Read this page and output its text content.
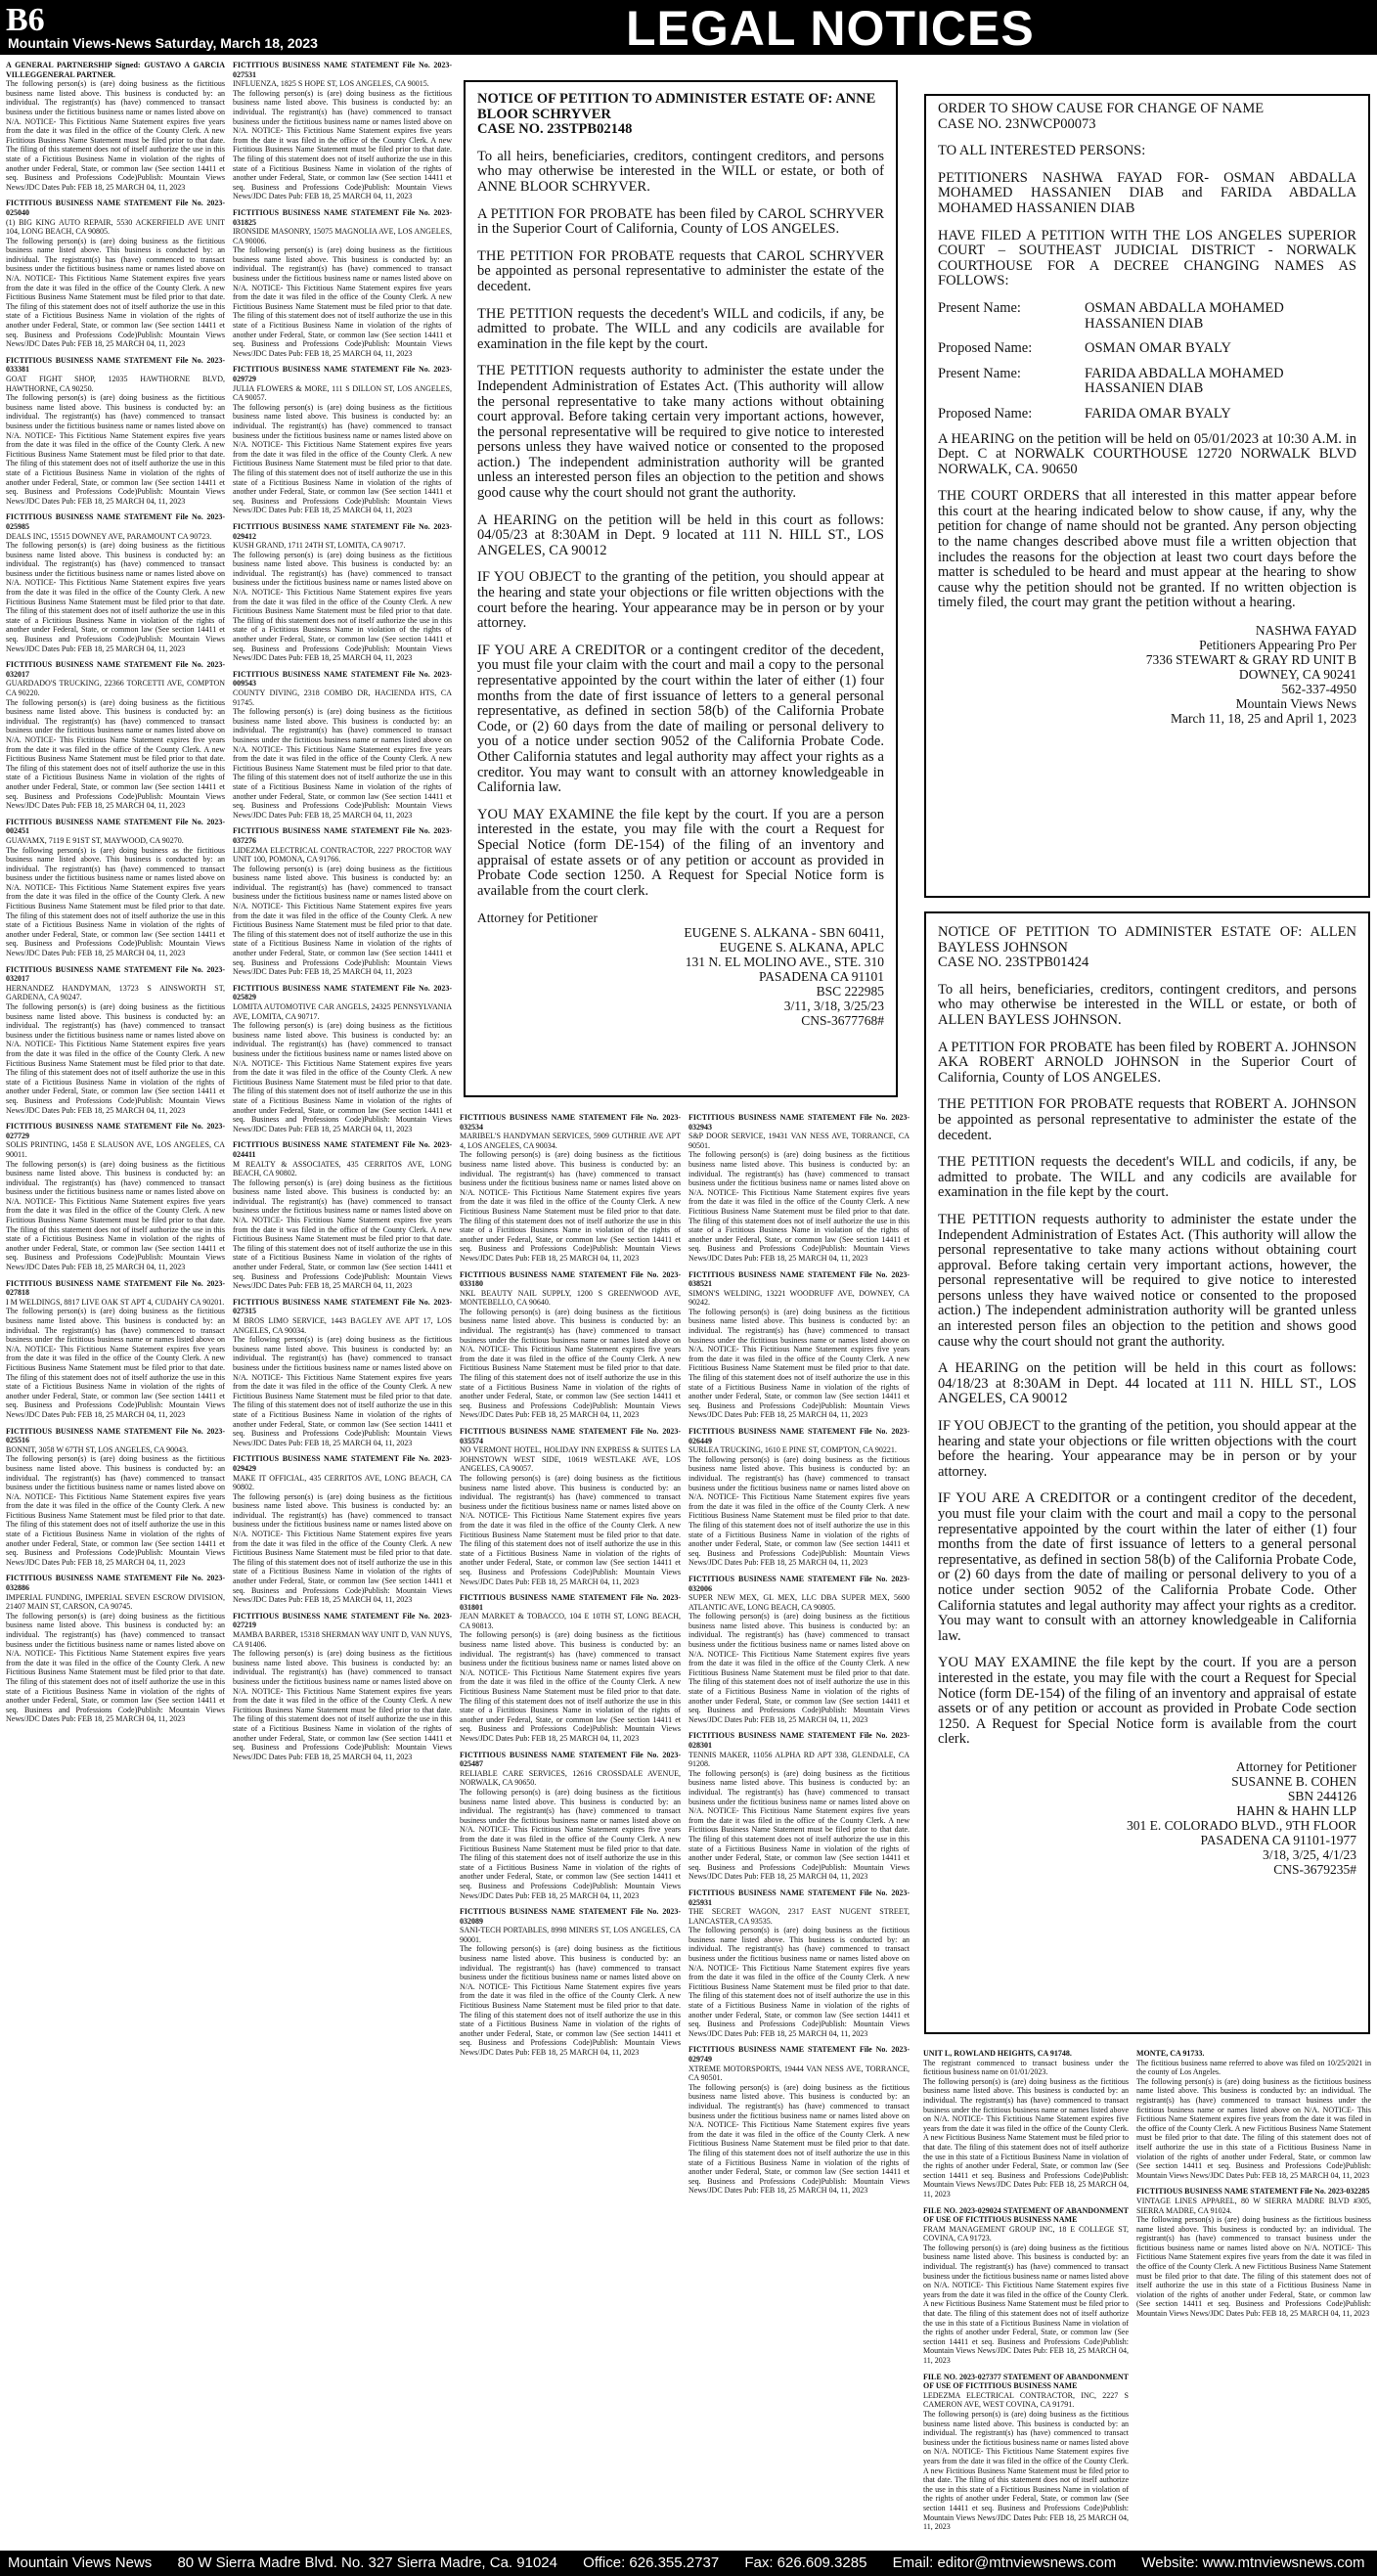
B6	LEGAL NOTICES
Mountain Views-News Saturday, March 18, 2023
A GENERAL PARTNERSHIP Signed: GUSTAVO A GARCIA VILLEGGENERAL PARTNER.
The following person(s) is (are) doing business as the fictitious business name listed above. This business is conducted by: an individual. The registrant(s) has (have) commenced to transact business under the fictitious business name or names listed above on N/A. NOTICE- This Fictitious Name Statement expires five years from the date it was filed in the office of the County Clerk. A new Fictitious Business Name Statement must be filed prior to that date. The filing of this statement does not of itself authorize the use in this state of a Fictitious Business Name in violation of the rights of another under Federal, State, or common law (See section 14411 et seq. Business and Professions Code)Publish: Mountain Views News/JDC Dates Pub: FEB 18, 25 MARCH 04, 11, 2023
FICTITIOUS BUSINESS NAME STATEMENT File No. 2023-025040
(1) BIG KING AUTO REPAIR, 5530 ACKERFIELD AVE UNIT 104, LONG BEACH, CA 90805.
The following person(s) is (are) doing business as the fictitious business name listed above. This business is conducted by: an individual. The registrant(s) has (have) commenced to transact business under the fictitious business name or names listed above on N/A. NOTICE- This Fictitious Name Statement expires five years from the date it was filed in the office of the County Clerk. A new Fictitious Business Name Statement must be filed prior to that date. The filing of this statement does not of itself authorize the use in this state of a Fictitious Business Name in violation of the rights of another under Federal, State, or common law (See section 14411 et seq. Business and Professions Code)Publish: Mountain Views News/JDC Dates Pub: FEB 18, 25 MARCH 04, 11, 2023
FICTITIOUS BUSINESS NAME STATEMENT File No. 2023-033381
GOAT FIGHT SHOP, 12035 HAWTHORNE BLVD, HAWTHORNE, CA 90250.
The following person(s) is (are) doing business as the fictitious business name listed above. This business is conducted by: an individual. The registrant(s) has (have) commenced to transact business under the fictitious business name or names listed above on N/A. NOTICE- This Fictitious Name Statement expires five years from the date it was filed in the office of the County Clerk. A new Fictitious Business Name Statement must be filed prior to that date. The filing of this statement does not of itself authorize the use in this state of a Fictitious Business Name in violation of the rights of another under Federal, State, or common law (See section 14411 et seq. Business and Professions Code)Publish: Mountain Views News/JDC Dates Pub: FEB 18, 25 MARCH 04, 11, 2023
FICTITIOUS BUSINESS NAME STATEMENT File No. 2023-025985
DEALS INC, 15515 DOWNEY AVE, PARAMOUNT CA 90723.
The following person(s) is (are) doing business as the fictitious business name listed above. This business is conducted by: an individual. The registrant(s) has (have) commenced to transact business under the fictitious business name or names listed above on N/A. NOTICE- This Fictitious Name Statement expires five years from the date it was filed in the office of the County Clerk. A new Fictitious Business Name Statement must be filed prior to that date. The filing of this statement does not of itself authorize the use in this state of a Fictitious Business Name in violation of the rights of another under Federal, State, or common law (See section 14411 et seq. Business and Professions Code)Publish: Mountain Views News/JDC Dates Pub: FEB 18, 25 MARCH 04, 11, 2023
FICTITIOUS BUSINESS NAME STATEMENT File No. 2023-032017
GUARDADO'S TRUCKING, 22366 TORCETTI AVE, COMPTON CA 90220.
The following person(s) is (are) doing business as the fictitious business name listed above. This business is conducted by: an individual. The registrant(s) has (have) commenced to transact business under the fictitious business name or names listed above on N/A. NOTICE- This Fictitious Name Statement expires five years from the date it was filed in the office of the County Clerk. A new Fictitious Business Name Statement must be filed prior to that date. The filing of this statement does not of itself authorize the use in this state of a Fictitious Business Name in violation of the rights of another under Federal, State, or common law (See section 14411 et seq. Business and Professions Code)Publish: Mountain Views News/JDC Dates Pub: FEB 18, 25 MARCH 04, 11, 2023
FICTITIOUS BUSINESS NAME STATEMENT File No. 2023-002451
GUAVAMX, 7119 E 91ST ST, MAYWOOD, CA 90270.
The following person(s) is (are) doing business as the fictitious business name listed above. This business is conducted by: an individual. The registrant(s) has (have) commenced to transact business under the fictitious business name or names listed above on N/A. NOTICE- This Fictitious Name Statement expires five years from the date it was filed in the office of the County Clerk. A new Fictitious Business Name Statement must be filed prior to that date. The filing of this statement does not of itself authorize the use in this state of a Fictitious Business Name in violation of the rights of another under Federal, State, or common law (See section 14411 et seq. Business and Professions Code)Publish: Mountain Views News/JDC Dates Pub: FEB 18, 25 MARCH 04, 11, 2023
FICTITIOUS BUSINESS NAME STATEMENT File No. 2023-032017
HERNANDEZ HANDYMAN, 13723 S AINSWORTH ST, GARDENA, CA 90247.
The following person(s) is (are) doing business as the fictitious business name listed above. This business is conducted by: an individual. The registrant(s) has (have) commenced to transact business under the fictitious business name or names listed above on N/A. NOTICE- This Fictitious Name Statement expires five years from the date it was filed in the office of the County Clerk. A new Fictitious Business Name Statement must be filed prior to that date. The filing of this statement does not of itself authorize the use in this state of a Fictitious Business Name in violation of the rights of another under Federal, State, or common law (See section 14411 et seq. Business and Professions Code)Publish: Mountain Views News/JDC Dates Pub: FEB 18, 25 MARCH 04, 11, 2023
FICTITIOUS BUSINESS NAME STATEMENT File No. 2023-027729
SOLIS PRINTING, 1458 E SLAUSON AVE, LOS ANGELES, CA 90011.
The following person(s) is (are) doing business as the fictitious business name listed above. This business is conducted by: an individual. The registrant(s) has (have) commenced to transact business under the fictitious business name or names listed above on N/A. NOTICE- This Fictitious Name Statement expires five years from the date it was filed in the office of the County Clerk. A new Fictitious Business Name Statement must be filed prior to that date. The filing of this statement does not of itself authorize the use in this state of a Fictitious Business Name in violation of the rights of another under Federal, State, or common law (See section 14411 et seq. Business and Professions Code)Publish: Mountain Views News/JDC Dates Pub: FEB 18, 25 MARCH 04, 11, 2023
FICTITIOUS BUSINESS NAME STATEMENT File No. 2023-027818
I M WELDINGS, 8817 LIVE OAK ST APT 4, CUDAHY CA 90201.
The following person(s) is (are) doing business as the fictitious business name listed above. This business is conducted by: an individual. The registrant(s) has (have) commenced to transact business under the fictitious business name or names listed above on N/A. NOTICE- This Fictitious Name Statement expires five years from the date it was filed in the office of the County Clerk. A new Fictitious Business Name Statement must be filed prior to that date. The filing of this statement does not of itself authorize the use in this state of a Fictitious Business Name in violation of the rights of another under Federal, State, or common law (See section 14411 et seq. Business and Professions Code)Publish: Mountain Views News/JDC Dates Pub: FEB 18, 25 MARCH 04, 11, 2023
FICTITIOUS BUSINESS NAME STATEMENT File No. 2023-025516
BONNIT, 3058 W 67TH ST, LOS ANGELES, CA 90043.
The following person(s) is (are) doing business as the fictitious business name listed above. This business is conducted by: an individual. The registrant(s) has (have) commenced to transact business under the fictitious business name or names listed above on N/A. NOTICE- This Fictitious Name Statement expires five years from the date it was filed in the office of the County Clerk. A new Fictitious Business Name Statement must be filed prior to that date. The filing of this statement does not of itself authorize the use in this state of a Fictitious Business Name in violation of the rights of another under Federal, State, or common law (See section 14411 et seq. Business and Professions Code)Publish: Mountain Views News/JDC Dates Pub: FEB 18, 25 MARCH 04, 11, 2023
FICTITIOUS BUSINESS NAME STATEMENT File No. 2023-032886
IMPERIAL FUNDING, IMPERIAL SEVEN ESCROW DIVISION, 21407 MAIN ST, CARSON, CA 90745.
The following person(s) is (are) doing business as the fictitious business name listed above. This business is conducted by: an individual. The registrant(s) has (have) commenced to transact business under the fictitious business name or names listed above on N/A. NOTICE- This Fictitious Name Statement expires five years from the date it was filed in the office of the County Clerk. A new Fictitious Business Name Statement must be filed prior to that date. The filing of this statement does not of itself authorize the use in this state of a Fictitious Business Name in violation of the rights of another under Federal, State, or common law (See section 14411 et seq. Business and Professions Code)Publish: Mountain Views News/JDC Dates Pub: FEB 18, 25 MARCH 04, 11, 2023
FICTITIOUS BUSINESS NAME STATEMENT File No. 2023-027531
INFLUENZA, 1825 S HOPE ST, LOS ANGELES, CA 90015.
The following person(s) is (are) doing business as the fictitious business name listed above. This business is conducted by: an individual. The registrant(s) has (have) commenced to transact business under the fictitious business name or names listed above on N/A. NOTICE- This Fictitious Name Statement expires five years from the date it was filed in the office of the County Clerk. A new Fictitious Business Name Statement must be filed prior to that date. The filing of this statement does not of itself authorize the use in this state of a Fictitious Business Name in violation of the rights of another under Federal, State, or common law (See section 14411 et seq. Business and Professions Code)Publish: Mountain Views News/JDC Dates Pub: FEB 18, 25 MARCH 04, 11, 2023
FICTITIOUS BUSINESS NAME STATEMENT File No. 2023-031825
IRONSIDE MASONRY, 15075 MAGNOLIA AVE, LOS ANGELES, CA 90006.
The following person(s) is (are) doing business as the fictitious business name listed above. This business is conducted by: an individual. The registrant(s) has (have) commenced to transact business under the fictitious business name or names listed above on N/A. NOTICE- This Fictitious Name Statement expires five years from the date it was filed in the office of the County Clerk. A new Fictitious Business Name Statement must be filed prior to that date. The filing of this statement does not of itself authorize the use in this state of a Fictitious Business Name in violation of the rights of another under Federal, State, or common law (See section 14411 et seq. Business and Professions Code)Publish: Mountain Views News/JDC Dates Pub: FEB 18, 25 MARCH 04, 11, 2023
FICTITIOUS BUSINESS NAME STATEMENT File No. 2023-029729
JULIA FLOWERS & MORE, 111 S DILLON ST, LOS ANGELES, CA 90057.
The following person(s) is (are) doing business as the fictitious business name listed above. This business is conducted by: an individual. The registrant(s) has (have) commenced to transact business under the fictitious business name or names listed above on N/A. NOTICE- This Fictitious Name Statement expires five years from the date it was filed in the office of the County Clerk. A new Fictitious Business Name Statement must be filed prior to that date. The filing of this statement does not of itself authorize the use in this state of a Fictitious Business Name in violation of the rights of another under Federal, State, or common law (See section 14411 et seq. Business and Professions Code)Publish: Mountain Views News/JDC Dates Pub: FEB 18, 25 MARCH 04, 11, 2023
FICTITIOUS BUSINESS NAME STATEMENT File No. 2023-029412
KUSH GRAND, 1711 24TH ST, LOMITA, CA 90717.
The following person(s) is (are) doing business as the fictitious business name listed above. This business is conducted by: an individual. The registrant(s) has (have) commenced to transact business under the fictitious business name or names listed above on N/A. NOTICE- This Fictitious Name Statement expires five years from the date it was filed in the office of the County Clerk. A new Fictitious Business Name Statement must be filed prior to that date. The filing of this statement does not of itself authorize the use in this state of a Fictitious Business Name in violation of the rights of another under Federal, State, or common law (See section 14411 et seq. Business and Professions Code)Publish: Mountain Views News/JDC Dates Pub: FEB 18, 25 MARCH 04, 11, 2023
FICTITIOUS BUSINESS NAME STATEMENT File No. 2023-009543
COUNTY DIVING, 2318 COMBO DR, HACIENDA HTS, CA 91745.
The following person(s) is (are) doing business as the fictitious business name listed above. This business is conducted by: an individual. The registrant(s) has (have) commenced to transact business under the fictitious business name or names listed above on N/A. NOTICE- This Fictitious Name Statement expires five years from the date it was filed in the office of the County Clerk. A new Fictitious Business Name Statement must be filed prior to that date. The filing of this statement does not of itself authorize the use in this state of a Fictitious Business Name in violation of the rights of another under Federal, State, or common law (See section 14411 et seq. Business and Professions Code)Publish: Mountain Views News/JDC Dates Pub: FEB 18, 25 MARCH 04, 11, 2023
FICTITIOUS BUSINESS NAME STATEMENT File No. 2023-037276
LIDEZMA ELECTRICAL CONTRACTOR, 2227 PROCTOR WAY UNIT 100, POMONA, CA 91766.
The following person(s) is (are) doing business as the fictitious business name listed above. This business is conducted by: an individual. The registrant(s) has (have) commenced to transact business under the fictitious business name or names listed above on N/A. NOTICE- This Fictitious Name Statement expires five years from the date it was filed in the office of the County Clerk. A new Fictitious Business Name Statement must be filed prior to that date. The filing of this statement does not of itself authorize the use in this state of a Fictitious Business Name in violation of the rights of another under Federal, State, or common law (See section 14411 et seq. Business and Professions Code)Publish: Mountain Views News/JDC Dates Pub: FEB 18, 25 MARCH 04, 11, 2023
FICTITIOUS BUSINESS NAME STATEMENT File No. 2023-025829
LOMITA AUTOMOTIVE CAR ANGELS, 24325 PENNSYLVANIA AVE, LOMITA, CA 90717.
The following person(s) is (are) doing business as the fictitious business name listed above. This business is conducted by: an individual. The registrant(s) has (have) commenced to transact business under the fictitious business name or names listed above on N/A. NOTICE- This Fictitious Name Statement expires five years from the date it was filed in the office of the County Clerk. A new Fictitious Business Name Statement must be filed prior to that date. The filing of this statement does not of itself authorize the use in this state of a Fictitious Business Name in violation of the rights of another under Federal, State, or common law (See section 14411 et seq. Business and Professions Code)Publish: Mountain Views News/JDC Dates Pub: FEB 18, 25 MARCH 04, 11, 2023
FICTITIOUS BUSINESS NAME STATEMENT File No. 2023-024411
M REALTY & ASSOCIATES, 435 CERRITOS AVE, LONG BEACH, CA 90802.
The following person(s) is (are) doing business as the fictitious business name listed above. This business is conducted by: an individual. The registrant(s) has (have) commenced to transact business under the fictitious business name or names listed above on N/A. NOTICE- This Fictitious Name Statement expires five years from the date it was filed in the office of the County Clerk. A new Fictitious Business Name Statement must be filed prior to that date. The filing of this statement does not of itself authorize the use in this state of a Fictitious Business Name in violation of the rights of another under Federal, State, or common law (See section 14411 et seq. Business and Professions Code)Publish: Mountain Views News/JDC Dates Pub: FEB 18, 25 MARCH 04, 11, 2023
FICTITIOUS BUSINESS NAME STATEMENT File No. 2023-027315
M BROS LIMO SERVICE, 1443 BAGLEY AVE APT 17, LOS ANGELES, CA 90034.
The following person(s) is (are) doing business as the fictitious business name listed above. This business is conducted by: an individual. The registrant(s) has (have) commenced to transact business under the fictitious business name or names listed above on N/A. NOTICE- This Fictitious Name Statement expires five years from the date it was filed in the office of the County Clerk. A new Fictitious Business Name Statement must be filed prior to that date. The filing of this statement does not of itself authorize the use in this state of a Fictitious Business Name in violation of the rights of another under Federal, State, or common law (See section 14411 et seq. Business and Professions Code)Publish: Mountain Views News/JDC Dates Pub: FEB 18, 25 MARCH 04, 11, 2023
FICTITIOUS BUSINESS NAME STATEMENT File No. 2023-029429
MAKE IT OFFICIAL, 435 CERRITOS AVE, LONG BEACH, CA 90802.
The following person(s) is (are) doing business as the fictitious business name listed above. This business is conducted by: an individual. The registrant(s) has (have) commenced to transact business under the fictitious business name or names listed above on N/A. NOTICE- This Fictitious Name Statement expires five years from the date it was filed in the office of the County Clerk. A new Fictitious Business Name Statement must be filed prior to that date. The filing of this statement does not of itself authorize the use in this state of a Fictitious Business Name in violation of the rights of another under Federal, State, or common law (See section 14411 et seq. Business and Professions Code)Publish: Mountain Views News/JDC Dates Pub: FEB 18, 25 MARCH 04, 11, 2023
FICTITIOUS BUSINESS NAME STATEMENT File No. 2023-027219
MAMBA BARBER, 15318 SHERMAN WAY UNIT D, VAN NUYS, CA 91406.
The following person(s) is (are) doing business as the fictitious business name listed above. This business is conducted by: an individual. The registrant(s) has (have) commenced to transact business under the fictitious business name or names listed above on N/A. NOTICE- This Fictitious Name Statement expires five years from the date it was filed in the office of the County Clerk. A new Fictitious Business Name Statement must be filed prior to that date. The filing of this statement does not of itself authorize the use in this state of a Fictitious Business Name in violation of the rights of another under Federal, State, or common law (See section 14411 et seq. Business and Professions Code)Publish: Mountain Views News/JDC Dates Pub: FEB 18, 25 MARCH 04, 11, 2023
FICTITIOUS BUSINESS NAME STATEMENT File No. 2023-032534
MARIBEL'S HANDYMAN SERVICES, 5909 GUTHRIE AVE APT 4, LOS ANGELES, CA 90034.
The following person(s) is (are) doing business as the fictitious business name listed above. This business is conducted by: an individual. The registrant(s) has (have) commenced to transact business under the fictitious business name or names listed above on N/A. NOTICE- This Fictitious Name Statement expires five years from the date it was filed in the office of the County Clerk. A new Fictitious Business Name Statement must be filed prior to that date. The filing of this statement does not of itself authorize the use in this state of a Fictitious Business Name in violation of the rights of another under Federal, State, or common law (See section 14411 et seq. Business and Professions Code)Publish: Mountain Views News/JDC Dates Pub: FEB 18, 25 MARCH 04, 11, 2023
FICTITIOUS BUSINESS NAME STATEMENT File No. 2023-033180
NKL BEAUTY NAIL SUPPLY, 1200 S GREENWOOD AVE, MONTEBELLO, CA 90640.
The following person(s) is (are) doing business as the fictitious business name listed above. This business is conducted by: an individual. The registrant(s) has (have) commenced to transact business under the fictitious business name or names listed above on N/A. NOTICE- This Fictitious Name Statement expires five years from the date it was filed in the office of the County Clerk. A new Fictitious Business Name Statement must be filed prior to that date. The filing of this statement does not of itself authorize the use in this state of a Fictitious Business Name in violation of the rights of another under Federal, State, or common law (See section 14411 et seq. Business and Professions Code)Publish: Mountain Views News/JDC Dates Pub: FEB 18, 25 MARCH 04, 11, 2023
FICTITIOUS BUSINESS NAME STATEMENT File No. 2023-035574
NO VERMONT HOTEL, HOLIDAY INN EXPRESS & SUITES LA JOHNSTOWN WEST SIDE, 10619 WESTLAKE AVE, LOS ANGELES, CA 90057.
The following person(s) is (are) doing business as the fictitious business name listed above. This business is conducted by: an individual. The registrant(s) has (have) commenced to transact business under the fictitious business name or names listed above on N/A. NOTICE- This Fictitious Name Statement expires five years from the date it was filed in the office of the County Clerk. A new Fictitious Business Name Statement must be filed prior to that date. The filing of this statement does not of itself authorize the use in this state of a Fictitious Business Name in violation of the rights of another under Federal, State, or common law (See section 14411 et seq. Business and Professions Code)Publish: Mountain Views News/JDC Dates Pub: FEB 18, 25 MARCH 04, 11, 2023
FICTITIOUS BUSINESS NAME STATEMENT File No. 2023-031801
JEAN MARKET & TOBACCO, 104 E 10TH ST, LONG BEACH, CA 90813.
The following person(s) is (are) doing business as the fictitious business name listed above. This business is conducted by: an individual. The registrant(s) has (have) commenced to transact business under the fictitious business name or names listed above on N/A. NOTICE- This Fictitious Name Statement expires five years from the date it was filed in the office of the County Clerk. A new Fictitious Business Name Statement must be filed prior to that date. The filing of this statement does not of itself authorize the use in this state of a Fictitious Business Name in violation of the rights of another under Federal, State, or common law (See section 14411 et seq. Business and Professions Code)Publish: Mountain Views News/JDC Dates Pub: FEB 18, 25 MARCH 04, 11, 2023
FICTITIOUS BUSINESS NAME STATEMENT File No. 2023-025487
RELIABLE CARE SERVICES, 12616 CROSSDALE AVENUE, NORWALK, CA 90650.
The following person(s) is (are) doing business as the fictitious business name listed above. This business is conducted by: an individual. The registrant(s) has (have) commenced to transact business under the fictitious business name or names listed above on N/A. NOTICE- This Fictitious Name Statement expires five years from the date it was filed in the office of the County Clerk. A new Fictitious Business Name Statement must be filed prior to that date. The filing of this statement does not of itself authorize the use in this state of a Fictitious Business Name in violation of the rights of another under Federal, State, or common law (See section 14411 et seq. Business and Professions Code)Publish: Mountain Views News/JDC Dates Pub: FEB 18, 25 MARCH 04, 11, 2023
FICTITIOUS BUSINESS NAME STATEMENT File No. 2023-032089
SANI-TECH PORTABLES, 8998 MINERS ST, LOS ANGELES, CA 90001.
The following person(s) is (are) doing business as the fictitious business name listed above. This business is conducted by: an individual. The registrant(s) has (have) commenced to transact business under the fictitious business name or names listed above on N/A. NOTICE- This Fictitious Name Statement expires five years from the date it was filed in the office of the County Clerk. A new Fictitious Business Name Statement must be filed prior to that date. The filing of this statement does not of itself authorize the use in this state of a Fictitious Business Name in violation of the rights of another under Federal, State, or common law (See section 14411 et seq. Business and Professions Code)Publish: Mountain Views News/JDC Dates Pub: FEB 18, 25 MARCH 04, 11, 2023
FICTITIOUS BUSINESS NAME STATEMENT File No. 2023-032943
S&P DOOR SERVICE, 19431 VAN NESS AVE, TORRANCE, CA 90501.
The following person(s) is (are) doing business as the fictitious business name listed above. This business is conducted by: an individual. The registrant(s) has (have) commenced to transact business under the fictitious business name or names listed above on N/A. NOTICE- This Fictitious Name Statement expires five years from the date it was filed in the office of the County Clerk. A new Fictitious Business Name Statement must be filed prior to that date. The filing of this statement does not of itself authorize the use in this state of a Fictitious Business Name in violation of the rights of another under Federal, State, or common law (See section 14411 et seq. Business and Professions Code)Publish: Mountain Views News/JDC Dates Pub: FEB 18, 25 MARCH 04, 11, 2023
FICTITIOUS BUSINESS NAME STATEMENT File No. 2023-038521
SIMON'S WELDING, 13221 WOODRUFF AVE, DOWNEY, CA 90242.
The following person(s) is (are) doing business as the fictitious business name listed above. This business is conducted by: an individual. The registrant(s) has (have) commenced to transact business under the fictitious business name or names listed above on N/A. NOTICE- This Fictitious Name Statement expires five years from the date it was filed in the office of the County Clerk. A new Fictitious Business Name Statement must be filed prior to that date. The filing of this statement does not of itself authorize the use in this state of a Fictitious Business Name in violation of the rights of another under Federal, State, or common law (See section 14411 et seq. Business and Professions Code)Publish: Mountain Views News/JDC Dates Pub: FEB 18, 25 MARCH 04, 11, 2023
FICTITIOUS BUSINESS NAME STATEMENT File No. 2023-026449
SURLEA TRUCKING, 1610 E PINE ST, COMPTON, CA 90221.
The following person(s) is (are) doing business as the fictitious business name listed above. This business is conducted by: an individual. The registrant(s) has (have) commenced to transact business under the fictitious business name or names listed above on N/A. NOTICE- This Fictitious Name Statement expires five years from the date it was filed in the office of the County Clerk. A new Fictitious Business Name Statement must be filed prior to that date. The filing of this statement does not of itself authorize the use in this state of a Fictitious Business Name in violation of the rights of another under Federal, State, or common law (See section 14411 et seq. Business and Professions Code)Publish: Mountain Views News/JDC Dates Pub: FEB 18, 25 MARCH 04, 11, 2023
FICTITIOUS BUSINESS NAME STATEMENT File No. 2023-032006
SUPER NEW MEX, GL MEX, LLC DBA SUPER MEX, 5600 ATLANTIC AVE, LONG BEACH, CA 90805.
The following person(s) is (are) doing business as the fictitious business name listed above. This business is conducted by: an individual. The registrant(s) has (have) commenced to transact business under the fictitious business name or names listed above on N/A. NOTICE- This Fictitious Name Statement expires five years from the date it was filed in the office of the County Clerk. A new Fictitious Business Name Statement must be filed prior to that date. The filing of this statement does not of itself authorize the use in this state of a Fictitious Business Name in violation of the rights of another under Federal, State, or common law (See section 14411 et seq. Business and Professions Code)Publish: Mountain Views News/JDC Dates Pub: FEB 18, 25 MARCH 04, 11, 2023
FICTITIOUS BUSINESS NAME STATEMENT File No. 2023-028301
TENNIS MAKER, 11056 ALPHA RD APT 338, GLENDALE, CA 91208.
The following person(s) is (are) doing business as the fictitious business name listed above. This business is conducted by: an individual. The registrant(s) has (have) commenced to transact business under the fictitious business name or names listed above on N/A. NOTICE- This Fictitious Name Statement expires five years from the date it was filed in the office of the County Clerk. A new Fictitious Business Name Statement must be filed prior to that date. The filing of this statement does not of itself authorize the use in this state of a Fictitious Business Name in violation of the rights of another under Federal, State, or common law (See section 14411 et seq. Business and Professions Code)Publish: Mountain Views News/JDC Dates Pub: FEB 18, 25 MARCH 04, 11, 2023
FICTITIOUS BUSINESS NAME STATEMENT File No. 2023-025931
THE SECRET WAGON, 2317 EAST NUGENT STREET, LANCASTER, CA 93535.
The following person(s) is (are) doing business as the fictitious business name listed above. This business is conducted by: an individual. The registrant(s) has (have) commenced to transact business under the fictitious business name or names listed above on N/A. NOTICE- This Fictitious Name Statement expires five years from the date it was filed in the office of the County Clerk. A new Fictitious Business Name Statement must be filed prior to that date. The filing of this statement does not of itself authorize the use in this state of a Fictitious Business Name in violation of the rights of another under Federal, State, or common law (See section 14411 et seq. Business and Professions Code)Publish: Mountain Views News/JDC Dates Pub: FEB 18, 25 MARCH 04, 11, 2023
FICTITIOUS BUSINESS NAME STATEMENT File No. 2023-029749
XTREME MOTORSPORTS, 19444 VAN NESS AVE, TORRANCE, CA 90501.
The following person(s) is (are) doing business as the fictitious business name listed above. This business is conducted by: an individual. The registrant(s) has (have) commenced to transact business under the fictitious business name or names listed above on N/A. NOTICE- This Fictitious Name Statement expires five years from the date it was filed in the office of the County Clerk. A new Fictitious Business Name Statement must be filed prior to that date. The filing of this statement does not of itself authorize the use in this state of a Fictitious Business Name in violation of the rights of another under Federal, State, or common law (See section 14411 et seq. Business and Professions Code)Publish: Mountain Views News/JDC Dates Pub: FEB 18, 25 MARCH 04, 11, 2023
UNIT L, ROWLAND HEIGHTS, CA 91748.
The registrant commenced to transact business under the fictitious business name on 01/01/2023.
The following person(s) is (are) doing business as the fictitious business name listed above. This business is conducted by: an individual. The registrant(s) has (have) commenced to transact business under the fictitious business name or names listed above on N/A. NOTICE- This Fictitious Name Statement expires five years from the date it was filed in the office of the County Clerk. A new Fictitious Business Name Statement must be filed prior to that date. The filing of this statement does not of itself authorize the use in this state of a Fictitious Business Name in violation of the rights of another under Federal, State, or common law (See section 14411 et seq. Business and Professions Code)Publish: Mountain Views News/JDC Dates Pub: FEB 18, 25 MARCH 04, 11, 2023
FILE NO. 2023-029024 STATEMENT OF ABANDONMENT OF USE OF FICTITIOUS BUSINESS NAME
FRAM MANAGEMENT GROUP INC, 18 E COLLEGE ST, COVINA, CA 91723.
The following person(s) is (are) doing business as the fictitious business name listed above. This business is conducted by: an individual. The registrant(s) has (have) commenced to transact business under the fictitious business name or names listed above on N/A. NOTICE- This Fictitious Name Statement expires five years from the date it was filed in the office of the County Clerk. A new Fictitious Business Name Statement must be filed prior to that date. The filing of this statement does not of itself authorize the use in this state of a Fictitious Business Name in violation of the rights of another under Federal, State, or common law (See section 14411 et seq. Business and Professions Code)Publish: Mountain Views News/JDC Dates Pub: FEB 18, 25 MARCH 04, 11, 2023
FILE NO. 2023-027377 STATEMENT OF ABANDONMENT OF USE OF FICTITIOUS BUSINESS NAME
LEDEZMA ELECTRICAL CONTRACTOR, INC, 2227 S CAMERON AVE, WEST COVINA, CA 91791.
The following person(s) is (are) doing business as the fictitious business name listed above. This business is conducted by: an individual. The registrant(s) has (have) commenced to transact business under the fictitious business name or names listed above on N/A. NOTICE- This Fictitious Name Statement expires five years from the date it was filed in the office of the County Clerk. A new Fictitious Business Name Statement must be filed prior to that date. The filing of this statement does not of itself authorize the use in this state of a Fictitious Business Name in violation of the rights of another under Federal, State, or common law (See section 14411 et seq. Business and Professions Code)Publish: Mountain Views News/JDC Dates Pub: FEB 18, 25 MARCH 04, 11, 2023
MONTE, CA 91733.
The fictitious business name referred to above was filed on 10/25/2021 in the county of Los Angeles.
The following person(s) is (are) doing business as the fictitious business name listed above. This business is conducted by: an individual. The registrant(s) has (have) commenced to transact business under the fictitious business name or names listed above on N/A. NOTICE- This Fictitious Name Statement expires five years from the date it was filed in the office of the County Clerk. A new Fictitious Business Name Statement must be filed prior to that date. The filing of this statement does not of itself authorize the use in this state of a Fictitious Business Name in violation of the rights of another under Federal, State, or common law (See section 14411 et seq. Business and Professions Code)Publish: Mountain Views News/JDC Dates Pub: FEB 18, 25 MARCH 04, 11, 2023
FICTITIOUS BUSINESS NAME STATEMENT File No. 2023-032285
VINTAGE LINES APPAREL, 80 W SIERRA MADRE BLVD #305, SIERRA MADRE, CA 91024.
The following person(s) is (are) doing business as the fictitious business name listed above. This business is conducted by: an individual. The registrant(s) has (have) commenced to transact business under the fictitious business name or names listed above on N/A. NOTICE- This Fictitious Name Statement expires five years from the date it was filed in the office of the County Clerk. A new Fictitious Business Name Statement must be filed prior to that date. The filing of this statement does not of itself authorize the use in this state of a Fictitious Business Name in violation of the rights of another under Federal, State, or common law (See section 14411 et seq. Business and Professions Code)Publish: Mountain Views News/JDC Dates Pub: FEB 18, 25 MARCH 04, 11, 2023
NOTICE OF PETITION TO ADMINISTER ESTATE OF: ANNE BLOOR SCHRYVER
CASE NO. 23STPB02148

To all heirs, beneficiaries, creditors, contingent creditors, and persons who may otherwise be interested in the WILL or estate, or both of ANNE BLOOR SCHRYVER.

A PETITION FOR PROBATE has been filed by CAROL SCHRYVER in the Superior Court of California, County of LOS ANGELES.

THE PETITION FOR PROBATE requests that CAROL SCHRYVER be appointed as personal representative to administer the estate of the decedent.

THE PETITION requests the decedent's WILL and codicils, if any, be admitted to probate. The WILL and any codicils are available for examination in the file kept by the court.

THE PETITION requests authority to administer the estate under the Independent Administration of Estates Act. (This authority will allow the personal representative to take many actions without obtaining court approval. Before taking certain very important actions, however, the personal representative will be required to give notice to interested persons unless they have waived notice or consented to the proposed action.) The independent administration authority will be granted unless an interested person files an objection to the petition and shows good cause why the court should not grant the authority.

A HEARING on the petition will be held in this court as follows: 04/05/23 at 8:30AM in Dept. 9 located at 111 N. HILL ST., LOS ANGELES, CA 90012

IF YOU OBJECT to the granting of the petition, you should appear at the hearing and state your objections or file written objections with the court before the hearing. Your appearance may be in person or by your attorney.

IF YOU ARE A CREDITOR or a contingent creditor of the decedent, you must file your claim with the court and mail a copy to the personal representative appointed by the court within the later of either (1) four months from the date of first issuance of letters to a general personal representative, as defined in section 58(b) of the California Probate Code, or (2) 60 days from the date of mailing or personal delivery to you of a notice under section 9052 of the California Probate Code. Other California statutes and legal authority may affect your rights as a creditor. You may want to consult with an attorney knowledgeable in California law.

YOU MAY EXAMINE the file kept by the court. If you are a person interested in the estate, you may file with the court a Request for Special Notice (form DE-154) of the filing of an inventory and appraisal of estate assets or of any petition or account as provided in Probate Code section 1250. A Request for Special Notice form is available from the court clerk.

Attorney for Petitioner
EUGENE S. ALKANA - SBN 60411,
EUGENE S. ALKANA, APLC
131 N. EL MOLINO AVE., STE. 310
PASADENA CA 91101
BSC 222985
3/11, 3/18, 3/25/23
CNS-3677768#

ORDER TO SHOW CAUSE FOR CHANGE OF NAME

CASE NO. 23NWCP00073

TO ALL INTERESTED PERSONS:

PETITIONERS NASHWA FAYAD FOR- OSMAN ABDALLA MOHAMED HASSANIEN DIAB and FARIDA ABDALLA MOHAMED HASSANIEN DIAB

HAVE FILED A PETITION WITH THE LOS ANGELES SUPERIOR COURT – SOUTHEAST JUDICIAL DISTRICT - NORWALK COURTHOUSE FOR A DECREE CHANGING NAMES AS FOLLOWS:

Present Name:	OSMAN ABDALLA MOHAMED HASSANIEN DIAB
Proposed Name:	OSMAN OMAR BYALY
Present Name:	FARIDA ABDALLA MOHAMED HASSANIEN DIAB
Proposed Name:	FARIDA OMAR BYALY

A HEARING on the petition will be held on 05/01/2023 at 10:30 A.M. in Dept. C at NORWALK COURTHOUSE 12720 NORWALK BLVD NORWALK, CA. 90650

THE COURT ORDERS that all interested in this matter appear before this court at the hearing indicated below to show cause, if any, why the petition for change of name should not be granted. Any person objecting to the name changes described above must file a written objection that includes the reasons for the objection at least two court days before the matter is scheduled to be heard and must appear at the hearing to show cause why the petition should not be granted. If no written objection is timely filed, the court may grant the petition without a hearing.

NASHWA FAYAD
Petitioners Appearing Pro Per
7336 STEWART & GRAY RD UNIT B
DOWNEY, CA 90241
562-337-4950
Mountain Views News
March 11, 18, 25 and April 1, 2023

NOTICE OF PETITION TO ADMINISTER ESTATE OF: ALLEN BAYLESS JOHNSON

CASE NO. 23STPB01424

To all heirs, beneficiaries, creditors, contingent creditors, and persons who may otherwise be interested in the WILL or estate, or both of ALLEN BAYLESS JOHNSON.

A PETITION FOR PROBATE has been filed by ROBERT A. JOHNSON AKA ROBERT ARNOLD JOHNSON in the Superior Court of California, County of LOS ANGELES.

THE PETITION FOR PROBATE requests that ROBERT A. JOHNSON be appointed as personal representative to administer the estate of the decedent.

THE PETITION requests the decedent's WILL and codicils, if any, be admitted to probate. The WILL and any codicils are available for examination in the file kept by the court.

THE PETITION requests authority to administer the estate under the Independent Administration of Estates Act. (This authority will allow the personal representative to take many actions without obtaining court approval. Before taking certain very important actions, however, the personal representative will be required to give notice to interested persons unless they have waived notice or consented to the proposed action.) The independent administration authority will be granted unless an interested person files an objection to the petition and shows good cause why the court should not grant the authority.

A HEARING on the petition will be held in this court as follows: 04/18/23 at 8:30AM in Dept. 44 located at 111 N. HILL ST., LOS ANGELES, CA 90012

IF YOU OBJECT to the granting of the petition, you should appear at the hearing and state your objections or file written objections with the court before the hearing. Your appearance may be in person or by your attorney.

IF YOU ARE A CREDITOR or a contingent creditor of the decedent, you must file your claim with the court and mail a copy to the personal representative appointed by the court within the later of either (1) four months from the date of first issuance of letters to a general personal representative, as defined in section 58(b) of the California Probate Code, or (2) 60 days from the date of mailing or personal delivery to you of a notice under section 9052 of the California Probate Code. Other California statutes and legal authority may affect your rights as a creditor. You may want to consult with an attorney knowledgeable in California law.

YOU MAY EXAMINE the file kept by the court. If you are a person interested in the estate, you may file with the court a Request for Special Notice (form DE-154) of the filing of an inventory and appraisal of estate assets or of any petition or account as provided in Probate Code section 1250. A Request for Special Notice form is available from the court clerk.

Attorney for Petitioner
SUSANNE B. COHEN
SBN 244126
HAHN & HAHN LLP
301 E. COLORADO BLVD., 9TH FLOOR
PASADENA CA 91101-1977
3/18, 3/25, 4/1/23
CNS-3679235#
Mountain Views News 80 W Sierra Madre Blvd. No. 327 Sierra Madre, Ca. 91024 Office: 626.355.2737 Fax: 626.609.3285 Email: editor@mtnviewsnews.com Website: www.mtnviewsnews.com
